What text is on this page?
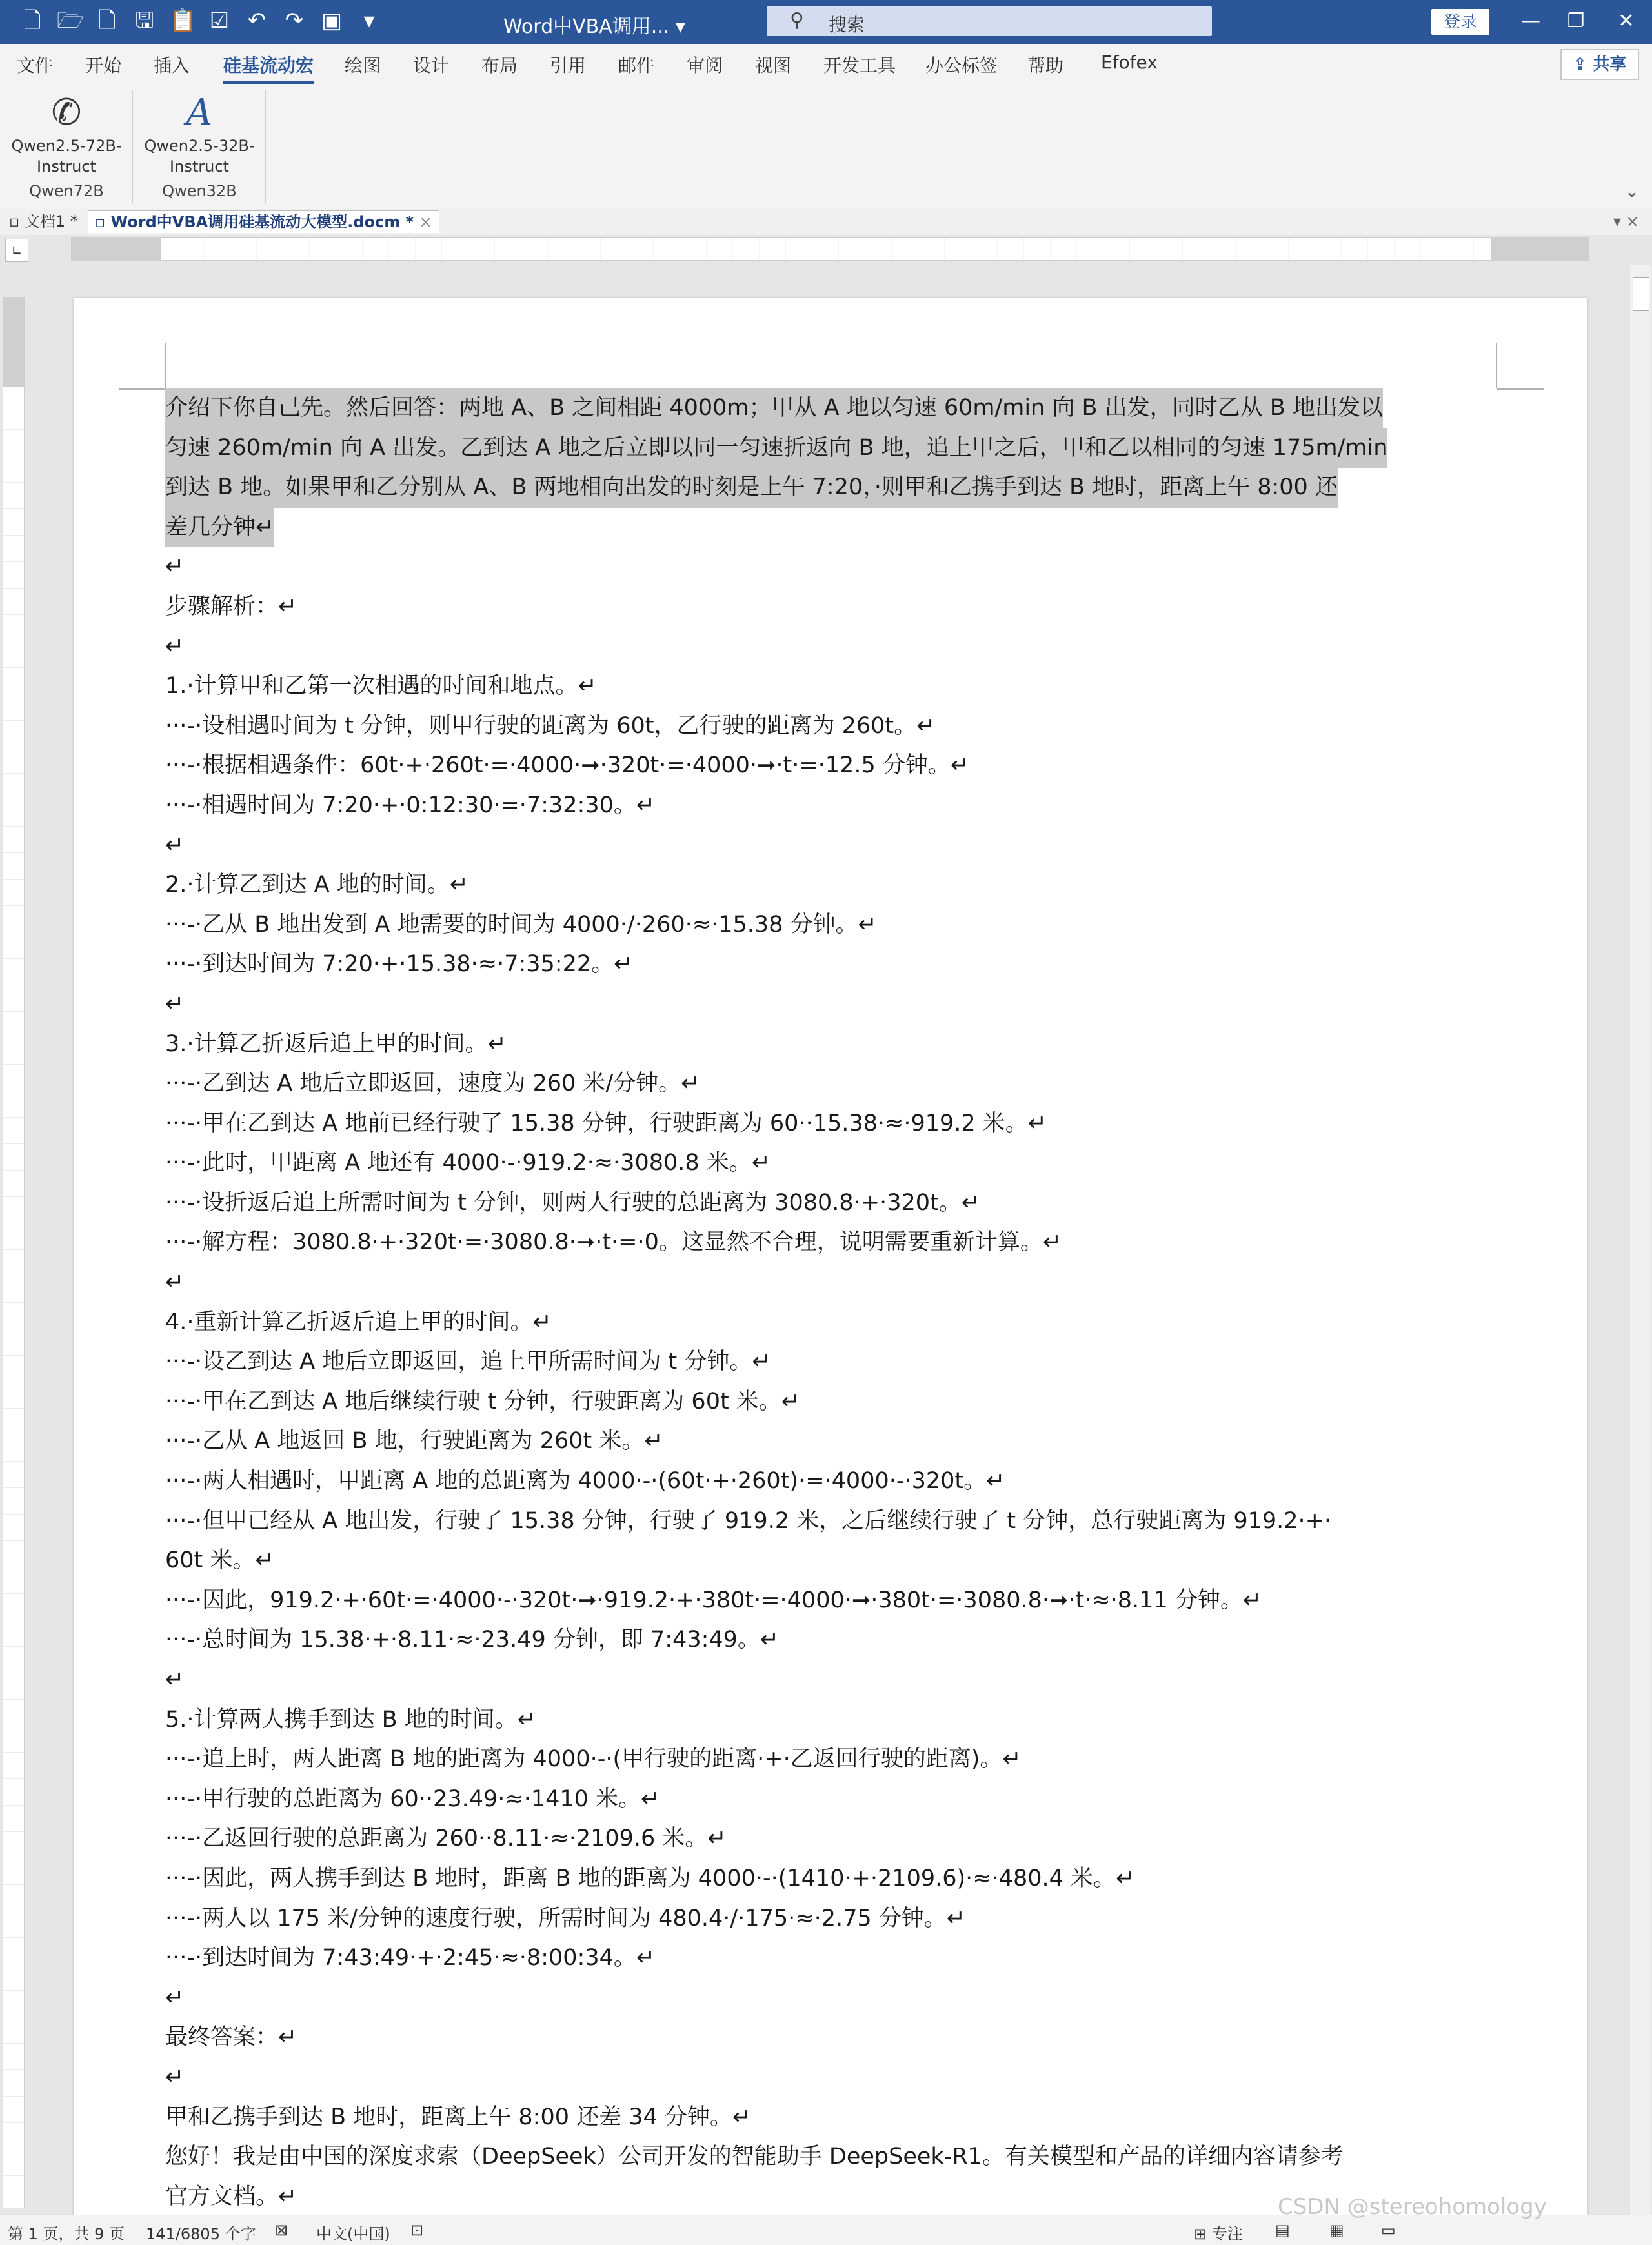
🗋 🗁 🗋 🖫 📋 ☑ ↶ ↷ ▣ ▾	Word中VBA调用... ▾	⚲ 搜索	登录	—	❐	✕
文件 开始 插入 硅基流动宏 绘图 设计 布局 引用 邮件 审阅 视图 开发工具 办公标签 帮助 Efofex	⇪ 共享
✆
Qwen2.5-72B-
Instruct
Qwen72B
A
Qwen2.5-32B-
Instruct
Qwen32B	⌄
▫ 文档1 *	▫ Word中VBA调用硅基流动大模型.docm * ×	▾ ×
∟
介绍下你自己先。然后回答：两地 A、B 之间相距 4000m；甲从 A 地以匀速 60m/min 向 B 出发，同时乙从 B 地出发以
匀速 260m/min 向 A 出发。乙到达 A 地之后立即以同一匀速折返向 B 地，追上甲之后，甲和乙以相同的匀速 175m/min
到达 B 地。如果甲和乙分别从 A、B 两地相向出发的时刻是上午 7:20，·则甲和乙携手到达 B 地时，距离上午 8:00 还
差几分钟↵
↵
步骤解析：↵
↵
1.·计算甲和乙第一次相遇的时间和地点。↵
···-·设相遇时间为 t 分钟，则甲行驶的距离为 60t，乙行驶的距离为 260t。↵
···-·根据相遇条件：60t·+·260t·=·4000·➞·320t·=·4000·➞·t·=·12.5 分钟。↵
···-·相遇时间为 7:20·+·0:12:30·=·7:32:30。↵
↵
2.·计算乙到达 A 地的时间。↵
···-·乙从 B 地出发到 A 地需要的时间为 4000·/·260·≈·15.38 分钟。↵
···-·到达时间为 7:20·+·15.38·≈·7:35:22。↵
↵
3.·计算乙折返后追上甲的时间。↵
···-·乙到达 A 地后立即返回，速度为 260 米/分钟。↵
···-·甲在乙到达 A 地前已经行驶了 15.38 分钟，行驶距离为 60··15.38·≈·919.2 米。↵
···-·此时，甲距离 A 地还有 4000·-·919.2·≈·3080.8 米。↵
···-·设折返后追上所需时间为 t 分钟，则两人行驶的总距离为 3080.8·+·320t。↵
···-·解方程：3080.8·+·320t·=·3080.8·➞·t·=·0。这显然不合理，说明需要重新计算。↵
↵
4.·重新计算乙折返后追上甲的时间。↵
···-·设乙到达 A 地后立即返回，追上甲所需时间为 t 分钟。↵
···-·甲在乙到达 A 地后继续行驶 t 分钟，行驶距离为 60t 米。↵
···-·乙从 A 地返回 B 地，行驶距离为 260t 米。↵
···-·两人相遇时，甲距离 A 地的总距离为 4000·-·(60t·+·260t)·=·4000·-·320t。↵
···-·但甲已经从 A 地出发，行驶了 15.38 分钟，行驶了 919.2 米，之后继续行驶了 t 分钟，总行驶距离为 919.2·+·
60t 米。↵
···-·因此，919.2·+·60t·=·4000·-·320t·➞·919.2·+·380t·=·4000·➞·380t·=·3080.8·➞·t·≈·8.11 分钟。↵
···-·总时间为 15.38·+·8.11·≈·23.49 分钟，即 7:43:49。↵
↵
5.·计算两人携手到达 B 地的时间。↵
···-·追上时，两人距离 B 地的距离为 4000·-·(甲行驶的距离·+·乙返回行驶的距离)。↵
···-·甲行驶的总距离为 60··23.49·≈·1410 米。↵
···-·乙返回行驶的总距离为 260··8.11·≈·2109.6 米。↵
···-·因此，两人携手到达 B 地时，距离 B 地的距离为 4000·-·(1410·+·2109.6)·≈·480.4 米。↵
···-·两人以 175 米/分钟的速度行驶，所需时间为 480.4·/·175·≈·2.75 分钟。↵
···-·到达时间为 7:43:49·+·2:45·≈·8:00:34。↵
↵
最终答案：↵
↵
甲和乙携手到达 B 地时，距离上午 8:00 还差 34 分钟。↵
您好！我是由中国的深度求索（DeepSeek）公司开发的智能助手 DeepSeek-R1。有关模型和产品的详细内容请参考
官方文档。↵
第 1 页，共 9 页 141/6805 个字 ⊠ 中文(中国) ⊡	⊞ 专注 ▤	▦ ▭
CSDN @stereohomology
